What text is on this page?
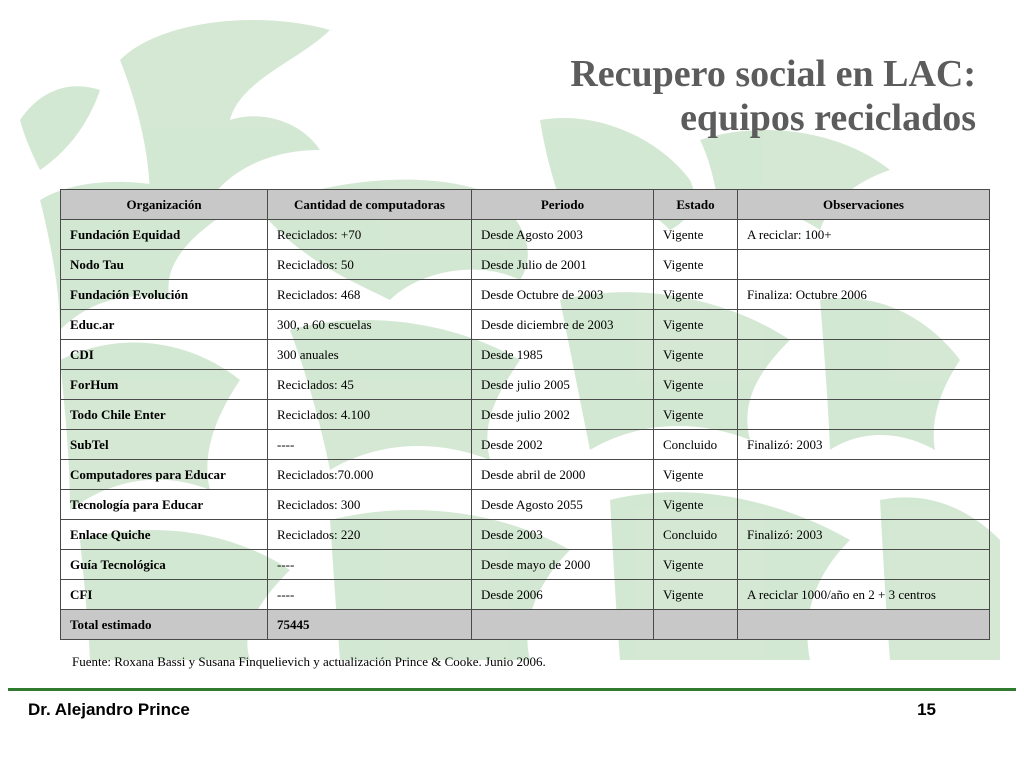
Recupero social en LAC:
equipos reciclados
Organización	Cantidad de computadoras	Periodo	Estado	Observaciones
Fundación Equidad	Reciclados: +70	Desde Agosto 2003	Vigente	A reciclar: 100+
Nodo Tau	Reciclados: 50	Desde Julio de 2001	Vigente	
Fundación Evolución	Reciclados: 468	Desde Octubre de 2003	Vigente	Finaliza: Octubre 2006
Educ.ar	300, a 60 escuelas	Desde diciembre de 2003	Vigente	
CDI	300 anuales	Desde 1985	Vigente	
ForHum	Reciclados: 45	Desde julio 2005	Vigente	
Todo Chile Enter	Reciclados: 4.100	Desde julio 2002	Vigente	
SubTel	----	Desde 2002	Concluido	Finalizó: 2003
Computadores para Educar	Reciclados:70.000	Desde abril de 2000	Vigente	
Tecnología para Educar	Reciclados: 300	Desde Agosto 2055	Vigente	
Enlace Quiche	Reciclados: 220	Desde 2003	Concluido	Finalizó: 2003
Guía Tecnológica	----	Desde mayo de 2000	Vigente	
CFI	----	Desde 2006	Vigente	A reciclar 1000/año en 2 + 3 centros
Total estimado	75445			
Fuente: Roxana Bassi y Susana Finquelievich y actualización Prince & Cooke. Junio 2006.
Dr. Alejandro Prince	15
